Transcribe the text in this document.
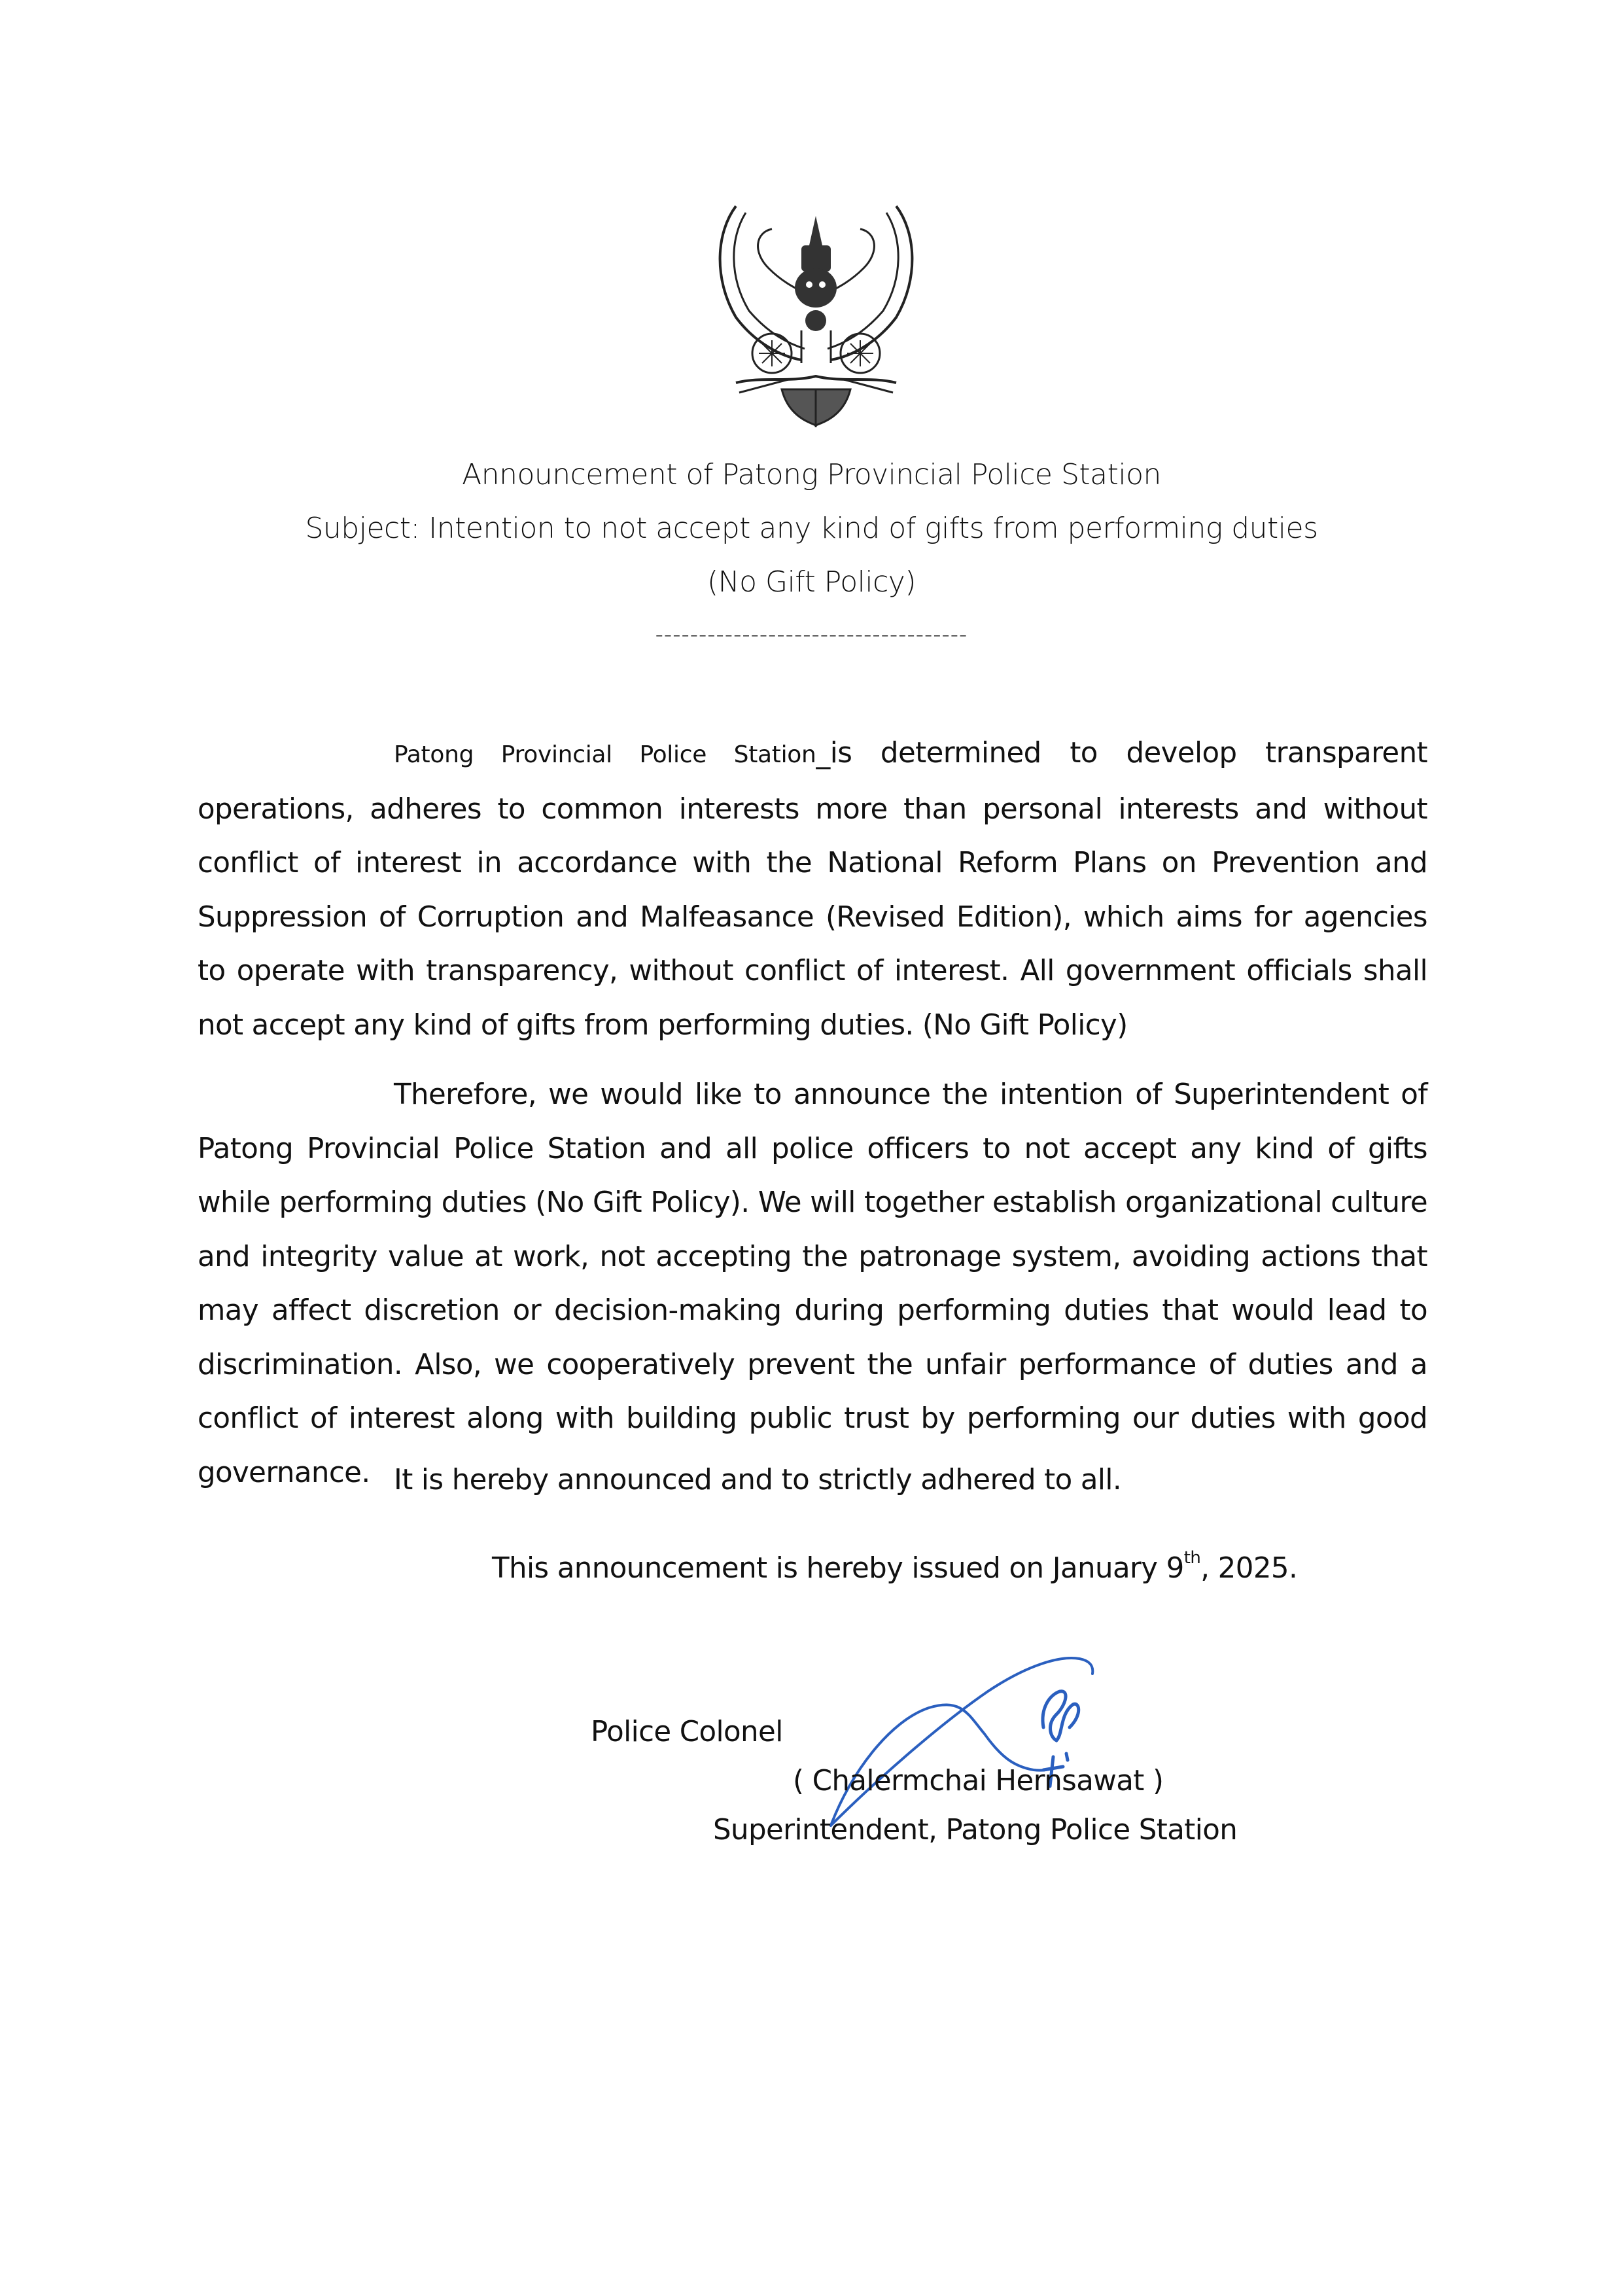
Announcement of Patong Provincial Police Station
Subject: Intention to not accept any kind of gifts from performing duties
(No Gift Policy)
------------------------------------
Patong Provincial Police Station_is determined to develop transparent operations, adheres to common interests more than personal interests and without conflict of interest in accordance with the National Reform Plans on Prevention and Suppression of Corruption and Malfeasance (Revised Edition), which aims for agencies to operate with transparency, without conflict of interest. All government officials shall not accept any kind of gifts from performing duties. (No Gift Policy)
Therefore, we would like to announce the intention of Superintendent of Patong Provincial Police Station and all police officers to not accept any kind of gifts while performing duties (No Gift Policy). We will together establish organizational culture and integrity value at work, not accepting the patronage system, avoiding actions that may affect discretion or decision-making during performing duties that would lead to discrimination. Also, we cooperatively prevent the unfair performance of duties and a conflict of interest along with building public trust by performing our duties with good governance. It is hereby announced and to strictly adhered to all.
This announcement is hereby issued on January 9th, 2025.
Police Colonel
( Chalermchai Hernsawat )
Superintendent, Patong Police Station
